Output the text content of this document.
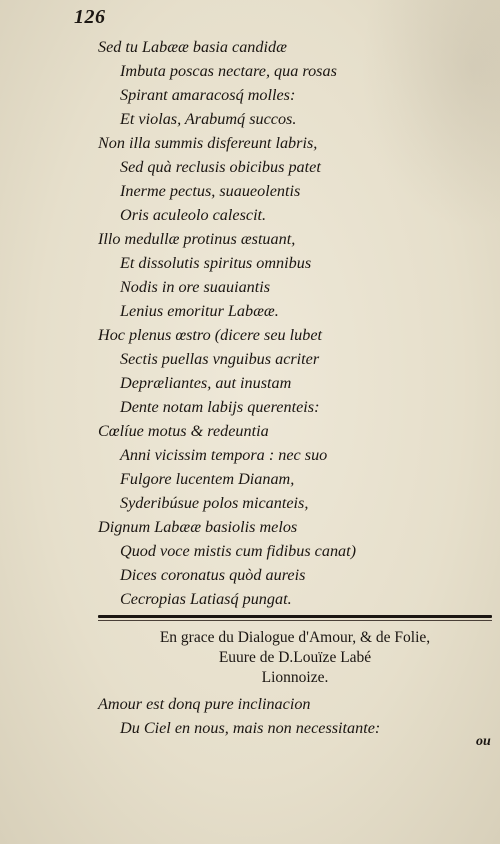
126
Sed tu Labææ basia candidæ
Imbuta poscas nectare, qua rosas
Spirant amaracosq́ molles:
Et violas, Arabumq́ succos.
Non illa summis disfereunt labris,
Sed quà reclusis obicibus patet
Inerme pectus, suaueolentis
Oris aculeolo calescit.
Illo medullæ protinus æstuant,
Et dissolutis spiritus omnibus
Nodis in ore suauiantis
Lenius emoritur Labææ.
Hoc plenus œstro (dicere seu lubet
Sectis puellas vnguibus acriter
Depræliantes, aut inustam
Dente notam labijs querenteis:
Cœlíue motus & redeuntia
Anni vicissim tempora : nec suo
Fulgore lucentem Dianam,
Syderibúsue polos micanteis,
Dignum Labææ basiolis melos
Quod voce mistis cum fidibus canat)
Dices coronatus quòd aureis
Cecropias Latiasq́ pungat.
En grace du Dialogue d'Amour, & de Folie,
Euure de D.Louïze Labé
Lionnoize.
Amour est donq pure inclinacion
Du Ciel en nous, mais non necessitante:
ou
